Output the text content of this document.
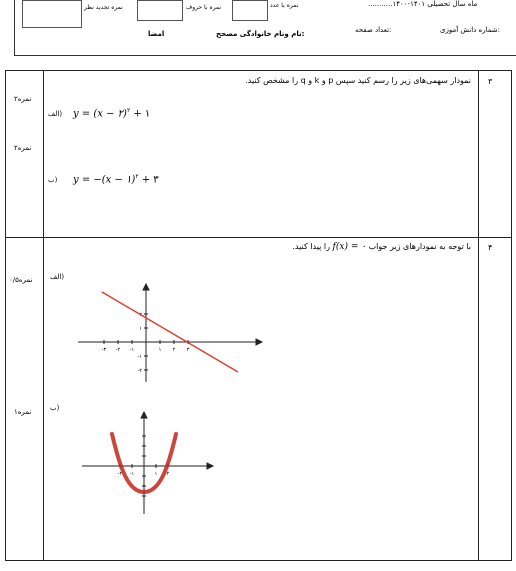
نمره تجدید نظر	نمره با حروف	نمره با عدد	...........ماه سال تحصیلی ۱۴۰۱-۱۴۰۰
امضا	نام ونام خانوادگی مصحح:	تعداد صفحه:	شماره دانش آموزی:
۳
نمودار سهمی‌های زیر را رسم کنید سپس p و k و q را مشخص کنید.
۲نمره
الف) y = (x − ۲)$^۲$ + ۱
۲نمره
ب) y = −(x − ۱)$^۲$ + ۳
۴
با توجه به نمودارهای زیر جواب f(x) = ۰ را پیدا کنید.
۰/۵نمره	الف)
۱نمره	ب)
-۳ -۲ -۱	۱ ۲ ۳
۱
-۱
-۲
-۲ -۱	۱ ۲
